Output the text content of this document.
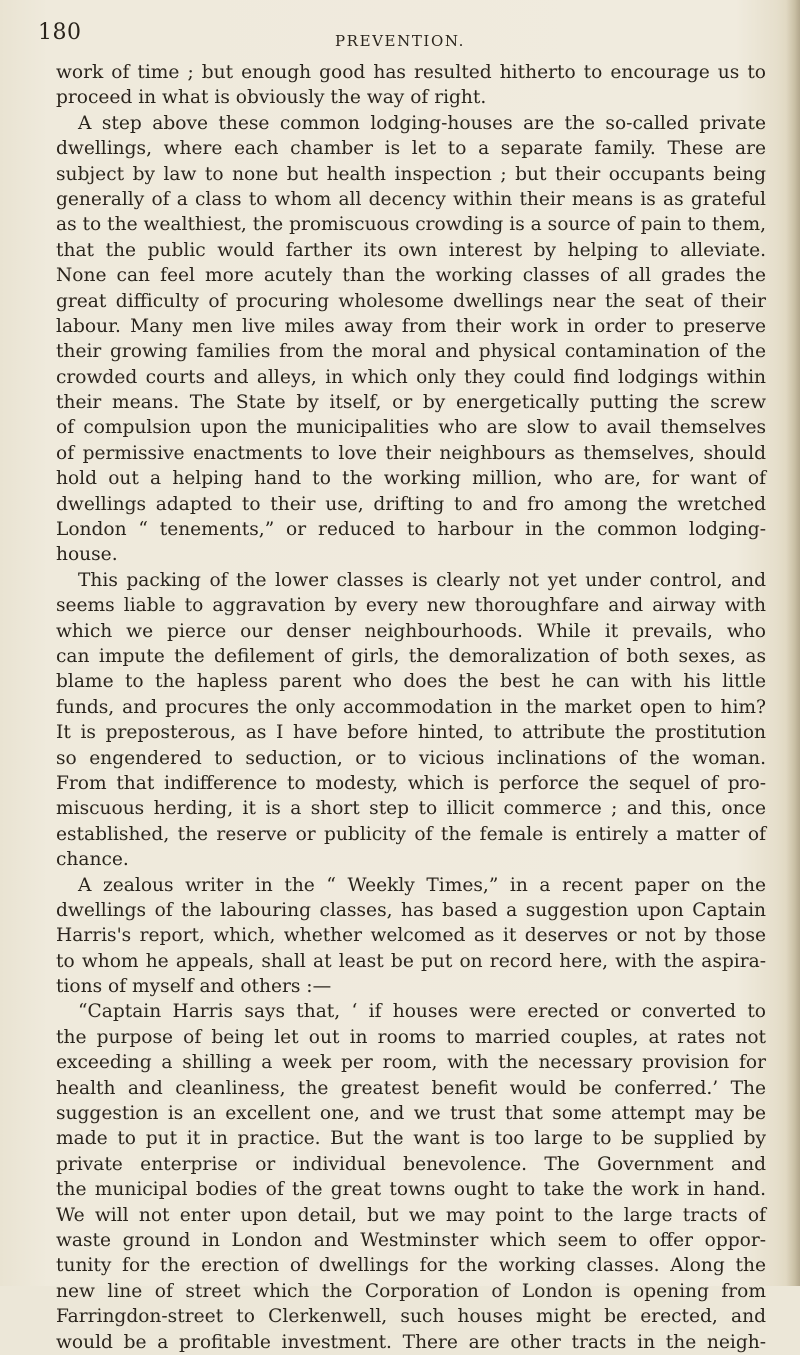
180	PREVENTION.
work of time ; but enough good has resulted hitherto to encourage us to
proceed in what is obviously the way of right.
A step above these common lodging-houses are the so-called private
dwellings, where each chamber is let to a separate family. These are
subject by law to none but health inspection ; but their occupants being
generally of a class to whom all decency within their means is as grateful
as to the wealthiest, the promiscuous crowding is a source of pain to them,
that the public would farther its own interest by helping to alleviate.
None can feel more acutely than the working classes of all grades the
great difficulty of procuring wholesome dwellings near the seat of their
labour. Many men live miles away from their work in order to preserve
their growing families from the moral and physical contamination of the
crowded courts and alleys, in which only they could find lodgings within
their means. The State by itself, or by energetically putting the screw
of compulsion upon the municipalities who are slow to avail themselves
of permissive enactments to love their neighbours as themselves, should
hold out a helping hand to the working million, who are, for want of
dwellings adapted to their use, drifting to and fro among the wretched
London “ tenements,” or reduced to harbour in the common lodging-
house.
This packing of the lower classes is clearly not yet under control, and
seems liable to aggravation by every new thoroughfare and airway with
which we pierce our denser neighbourhoods. While it prevails, who
can impute the defilement of girls, the demoralization of both sexes, as
blame to the hapless parent who does the best he can with his little
funds, and procures the only accommodation in the market open to him?
It is preposterous, as I have before hinted, to attribute the prostitution
so engendered to seduction, or to vicious inclinations of the woman.
From that indifference to modesty, which is perforce the sequel of pro-
miscuous herding, it is a short step to illicit commerce ; and this, once
established, the reserve or publicity of the female is entirely a matter of
chance.
A zealous writer in the “ Weekly Times,” in a recent paper on the
dwellings of the labouring classes, has based a suggestion upon Captain
Harris's report, which, whether welcomed as it deserves or not by those
to whom he appeals, shall at least be put on record here, with the aspira-
tions of myself and others :—
“Captain Harris says that, ‘ if houses were erected or converted to
the purpose of being let out in rooms to married couples, at rates not
exceeding a shilling a week per room, with the necessary provision for
health and cleanliness, the greatest benefit would be conferred.’ The
suggestion is an excellent one, and we trust that some attempt may be
made to put it in practice. But the want is too large to be supplied by
private enterprise or individual benevolence. The Government and
the municipal bodies of the great towns ought to take the work in hand.
We will not enter upon detail, but we may point to the large tracts of
waste ground in London and Westminster which seem to offer oppor-
tunity for the erection of dwellings for the working classes. Along the
new line of street which the Corporation of London is opening from
Farringdon-street to Clerkenwell, such houses might be erected, and
would be a profitable investment. There are other tracts in the neigh-
